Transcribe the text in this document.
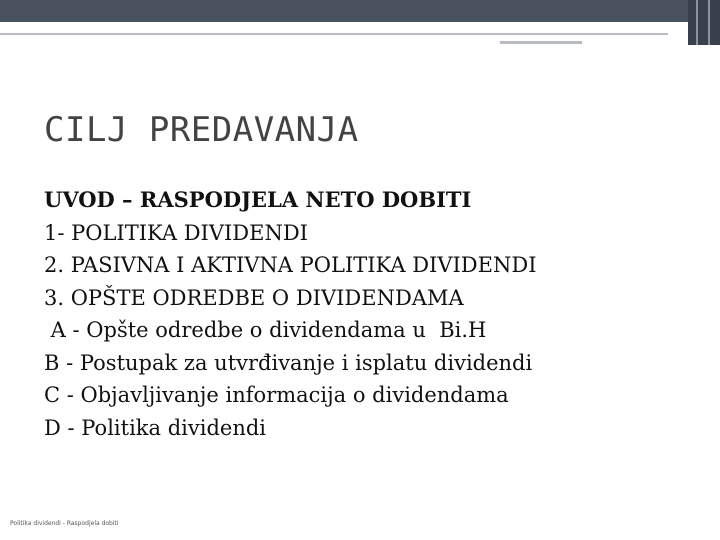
CILJ PREDAVANJA
UVOD – RASPODJELA NETO DOBITI
1- POLITIKA DIVIDENDI
2. PASIVNA I AKTIVNA POLITIKA DIVIDENDI
3. OPŠTE ODREDBE O DIVIDENDAMA
A - Opšte odredbe o dividendama u  Bi.H
B - Postupak za utvrđivanje i isplatu dividendi
C - Objavljivanje informacija o dividendama
D - Politika dividendi
Politika dividendi - Raspodjela dobiti
